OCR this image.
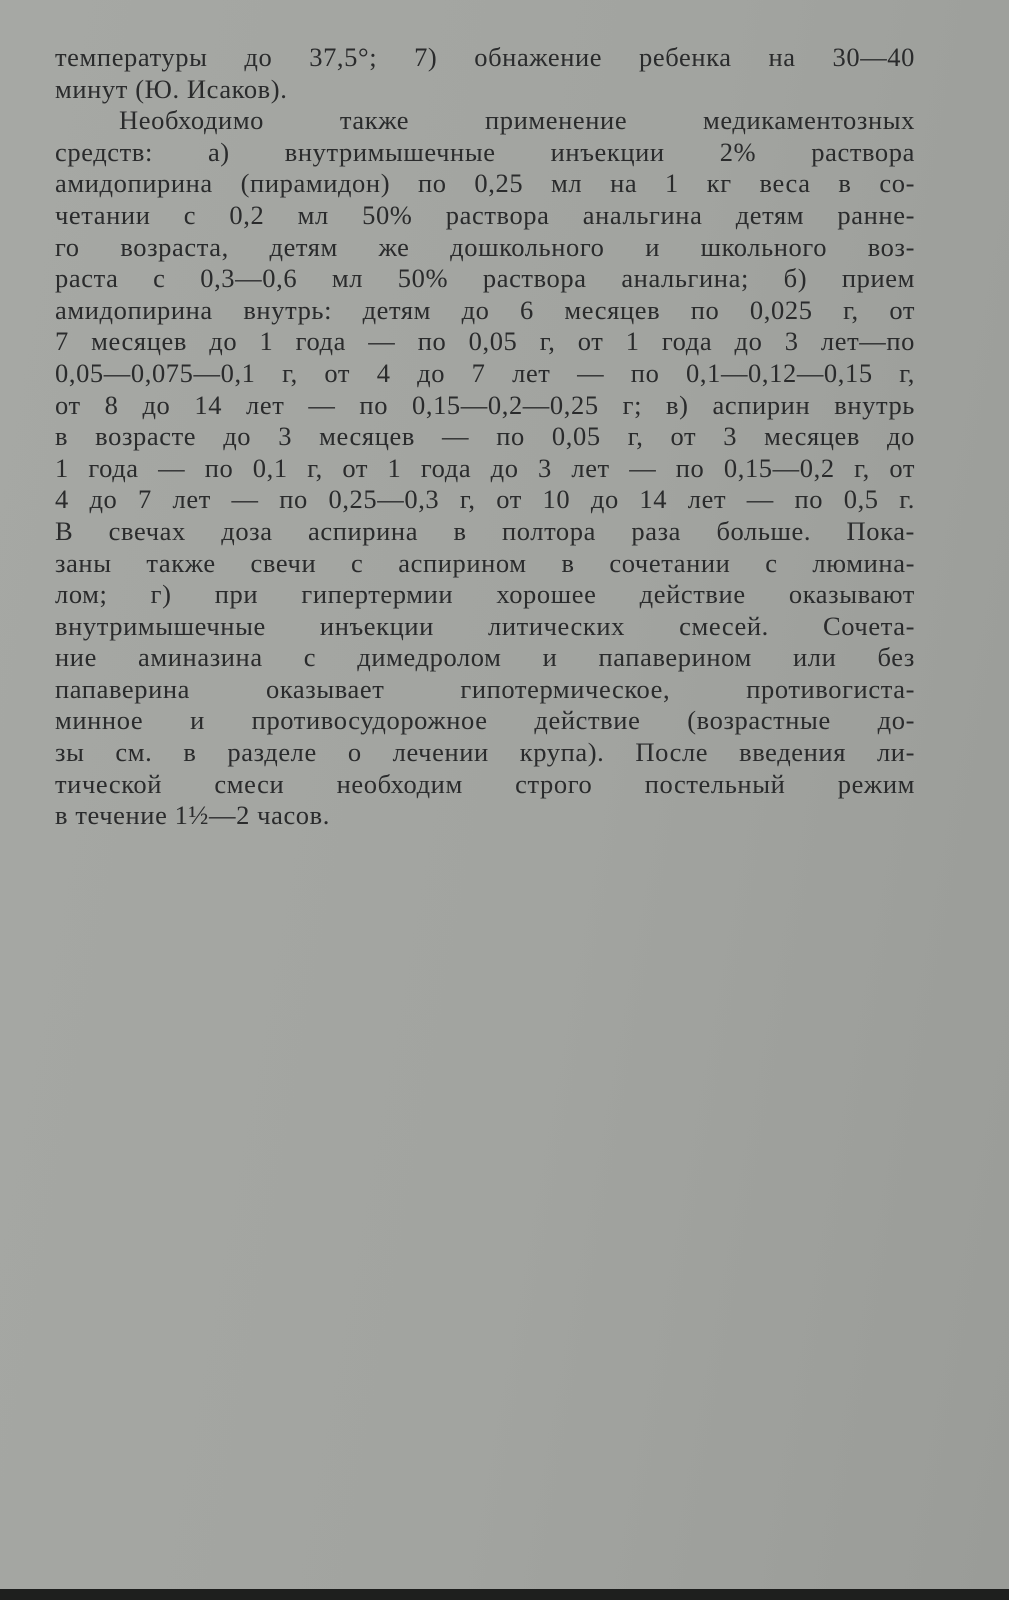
температуры до 37,5°; 7) обнажение ребенка на 30—40
минут (Ю. Исаков).
Необходимо также применение медикаментозных
средств: а) внутримышечные инъекции 2% раствора
амидопирина (пирамидон) по 0,25 мл на 1 кг веса в со-
четании с 0,2 мл 50% раствора анальгина детям ранне-
го возраста, детям же дошкольного и школьного воз-
раста с 0,3—0,6 мл 50% раствора анальгина; б) прием
амидопирина внутрь: детям до 6 месяцев по 0,025 г, от
7 месяцев до 1 года — по 0,05 г, от 1 года до 3 лет—по
0,05—0,075—0,1 г, от 4 до 7 лет — по 0,1—0,12—0,15 г,
от 8 до 14 лет — по 0,15—0,2—0,25 г; в) аспирин внутрь
в возрасте до 3 месяцев — по 0,05 г, от 3 месяцев до
1 года — по 0,1 г, от 1 года до 3 лет — по 0,15—0,2 г, от
4 до 7 лет — по 0,25—0,3 г, от 10 до 14 лет — по 0,5 г.
В свечах доза аспирина в полтора раза больше. Пока-
заны также свечи с аспирином в сочетании с люмина-
лом; г) при гипертермии хорошее действие оказывают
внутримышечные инъекции литических смесей. Сочета-
ние аминазина с димедролом и папаверином или без
папаверина оказывает гипотермическое, противогиста-
минное и противосудорожное действие (возрастные до-
зы см. в разделе о лечении крупа). После введения ли-
тической смеси необходим строго постельный режим
в течение 1½—2 часов.
